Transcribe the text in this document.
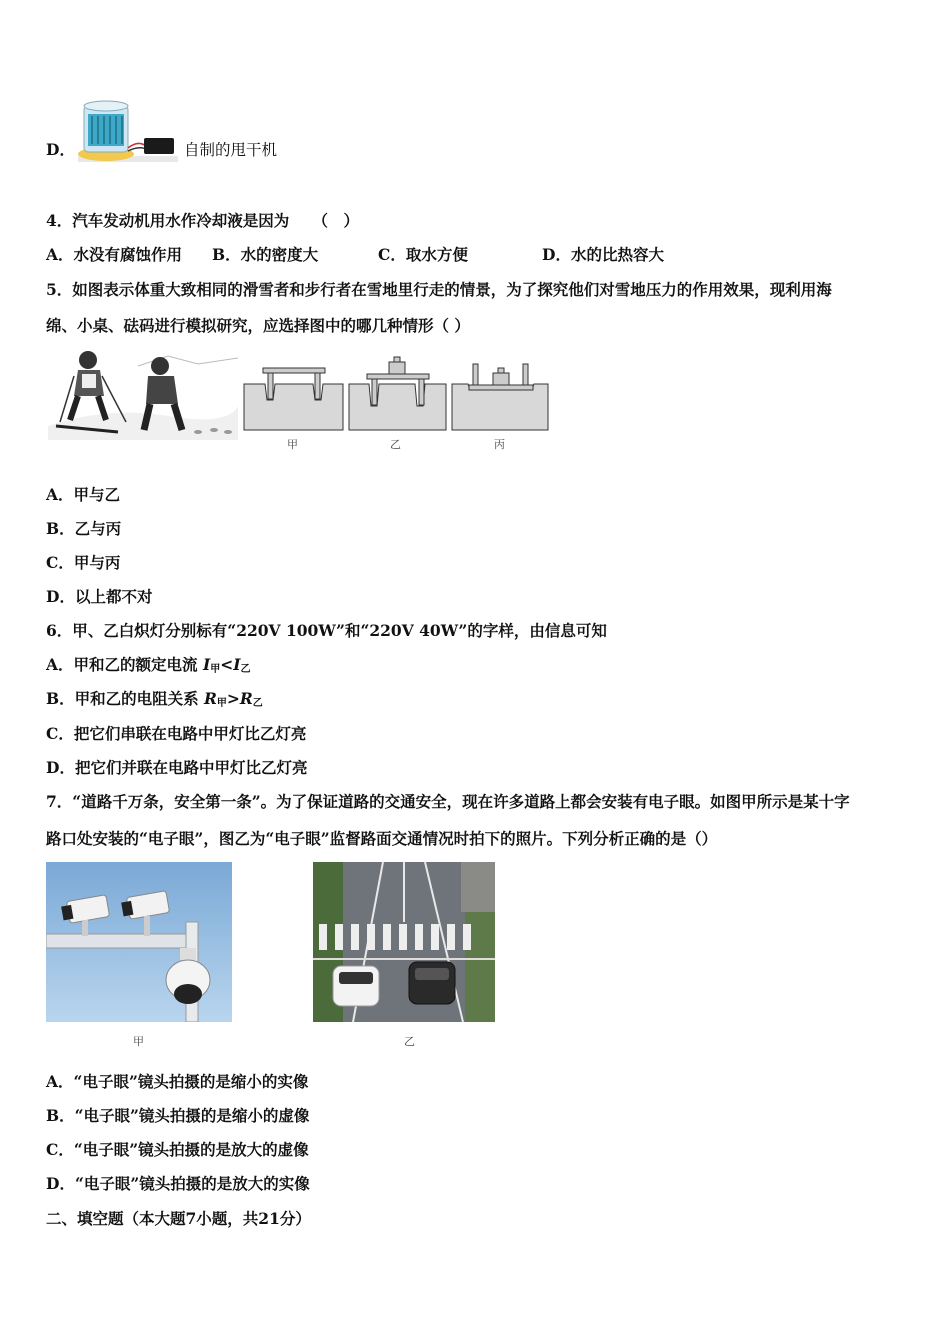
D．	自制的甩干机
4．汽车发动机用水作冷却液是因为　　（　）
A．水没有腐蚀作用 B．水的密度大	C．取水方便	D．水的比热容大
5．如图表示体重大致相同的滑雪者和步行者在雪地里行走的情景，为了探究他们对雪地压力的作用效果，现利用海
绵、小桌、砝码进行模拟研究，应选择图中的哪几种情形（ ）
甲	乙	丙
A．甲与乙
B．乙与丙
C．甲与丙
D．以上都不对
6．甲、乙白炽灯分别标有“220V 100W”和“220V 40W”的字样，由信息可知
A．甲和乙的额定电流 $I_甲<I_乙$
B．甲和乙的电阻关系 $R_甲>R_乙$
C．把它们串联在电路中甲灯比乙灯亮
D．把它们并联在电路中甲灯比乙灯亮
7．“道路千万条，安全第一条”。为了保证道路的交通安全，现在许多道路上都会安装有电子眼。如图甲所示是某十字
路口处安装的“电子眼”，图乙为“电子眼”监督路面交通情况时拍下的照片。下列分析正确的是（）
甲	乙
A．“电子眼”镜头拍摄的是缩小的实像
B．“电子眼”镜头拍摄的是缩小的虚像
C．“电子眼”镜头拍摄的是放大的虚像
D．“电子眼”镜头拍摄的是放大的实像
二、填空题（本大题7小题，共21分）
